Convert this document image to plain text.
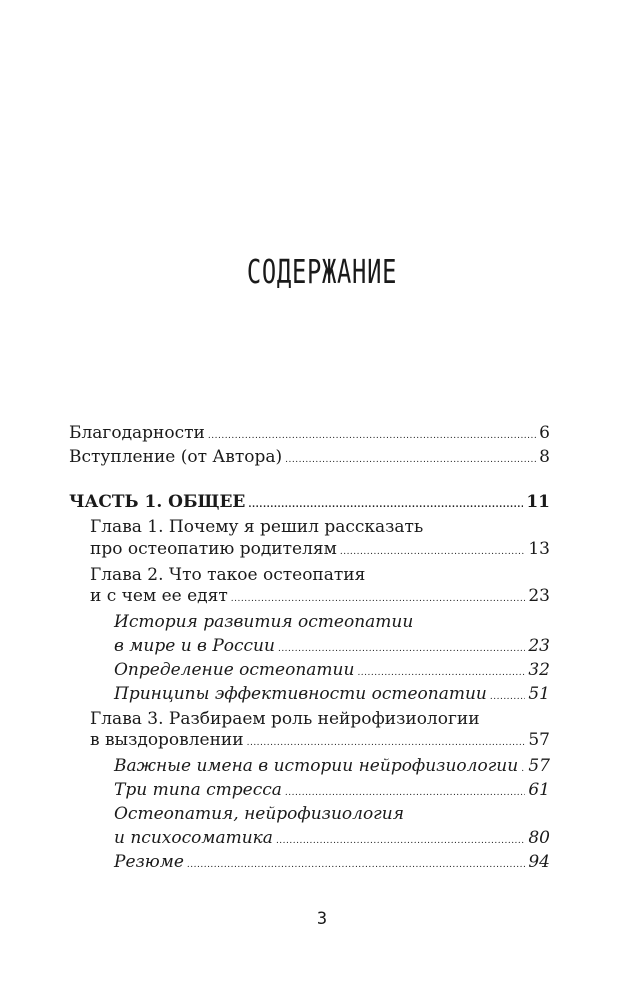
СОДЕРЖАНИЕ
Благодарности .....	6
Вступление (от Автора) .....	8
ЧАСТЬ 1. ОБЩЕЕ .....	11
Глава 1. Почему я решил рассказать
про остеопатию родителям .....	13
Глава 2. Что такое остеопатия
и с чем ее едят .....	23
История развития остеопатии
в мире и в России .....	23
Определение остеопатии .....	32
Принципы эффективности остеопатии ..... 51
Глава 3. Разбираем роль нейрофизиологии
в выздоровлении .....	57
Важные имена в истории нейрофизиологии ..... 57
Три типа стресса .....	61
Остеопатия, нейрофизиология
и психосоматика .....	80
Резюме .....	94
3
